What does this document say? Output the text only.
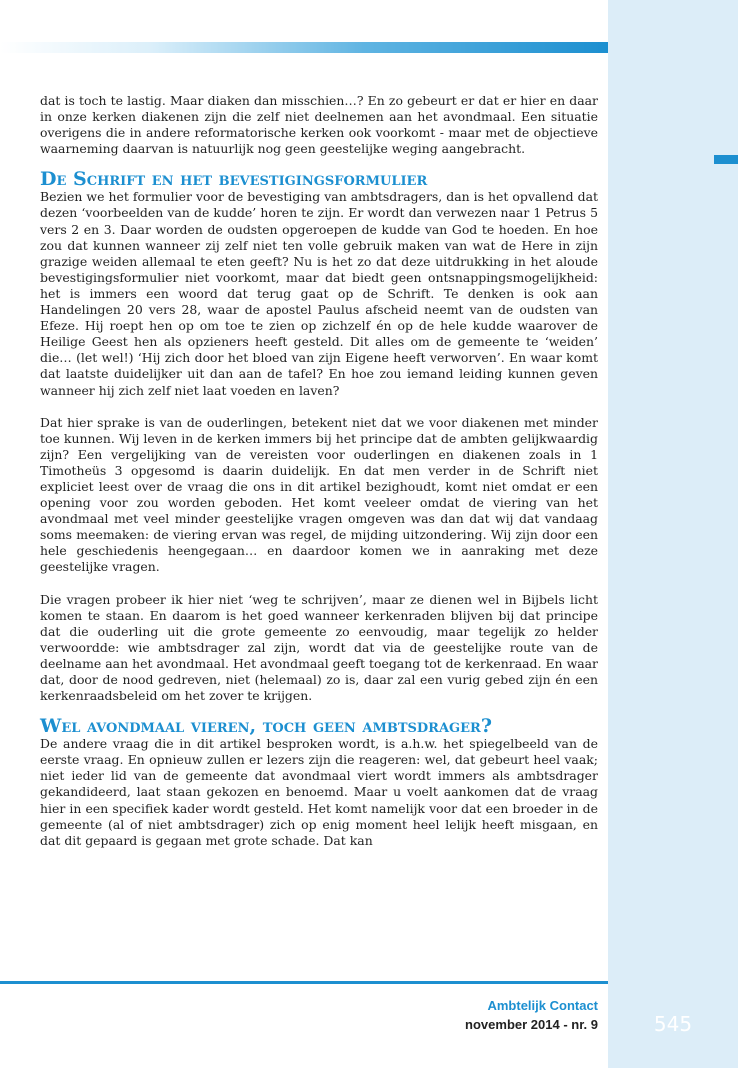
dat is toch te lastig. Maar diaken dan misschien…? En zo gebeurt er dat er hier en daar in onze kerken diakenen zijn die zelf niet deelnemen aan het avondmaal. Een situatie overigens die in andere reformatorische kerken ook voorkomt - maar met de objectieve waarneming daarvan is natuurlijk nog geen geestelijke weging aangebracht.

De Schrift en het bevestigingsformulier

Bezien we het formulier voor de bevestiging van ambtsdragers, dan is het opvallend dat dezen ‘voorbeelden van de kudde’ horen te zijn. Er wordt dan verwezen naar 1 Petrus 5 vers 2 en 3. Daar worden de oudsten opgeroepen de kudde van God te hoeden. En hoe zou dat kunnen wanneer zij zelf niet ten volle gebruik maken van wat de Here in zijn grazige weiden allemaal te eten geeft? Nu is het zo dat deze uitdrukking in het aloude bevestigingsformulier niet voorkomt, maar dat biedt geen ontsnappingsmogelijkheid: het is immers een woord dat terug gaat op de Schrift. Te denken is ook aan Handelingen 20 vers 28, waar de apostel Paulus afscheid neemt van de oudsten van Efeze. Hij roept hen op om toe te zien op zichzelf én op de hele kudde waarover de Heilige Geest hen als opzieners heeft gesteld. Dit alles om de gemeente te ‘weiden’ die… (let wel!) ‘Hij zich door het bloed van zijn Eigene heeft verworven’. En waar komt dat laatste duidelijker uit dan aan de tafel? En hoe zou iemand leiding kunnen geven wanneer hij zich zelf niet laat voeden en laven?

Dat hier sprake is van de ouderlingen, betekent niet dat we voor diakenen met minder toe kunnen. Wij leven in de kerken immers bij het principe dat de ambten gelijkwaardig zijn? Een vergelijking van de vereisten voor ouderlingen en diakenen zoals in 1 Timotheüs 3 opgesomd is daarin duidelijk. En dat men verder in de Schrift niet expliciet leest over de vraag die ons in dit artikel bezighoudt, komt niet omdat er een opening voor zou worden geboden. Het komt veeleer omdat de viering van het avondmaal met veel minder geestelijke vragen omgeven was dan dat wij dat vandaag soms meemaken: de viering ervan was regel, de mijding uitzondering. Wij zijn door een hele geschiedenis heengegaan… en daardoor komen we in aanraking met deze geestelijke vragen.

Die vragen probeer ik hier niet ‘weg te schrijven’, maar ze dienen wel in Bijbels licht komen te staan. En daarom is het goed wanneer kerkenraden blijven bij dat principe dat die ouderling uit die grote gemeente zo eenvoudig, maar tegelijk zo helder verwoordde: wie ambtsdrager zal zijn, wordt dat via de geestelijke route van de deelname aan het avondmaal. Het avondmaal geeft toegang tot de kerkenraad. En waar dat, door de nood gedreven, niet (helemaal) zo is, daar zal een vurig gebed zijn én een kerkenraadsbeleid om het zover te krijgen.

Wel avondmaal vieren, toch geen ambtsdrager?

De andere vraag die in dit artikel besproken wordt, is a.h.w. het spiegelbeeld van de eerste vraag. En opnieuw zullen er lezers zijn die reageren: wel, dat gebeurt heel vaak; niet ieder lid van de gemeente dat avondmaal viert wordt immers als ambtsdrager gekandideerd, laat staan gekozen en benoemd. Maar u voelt aankomen dat de vraag hier in een specifiek kader wordt gesteld. Het komt namelijk voor dat een broeder in de gemeente (al of niet ambtsdrager) zich op enig moment heel lelijk heeft misgaan, en dat dit gepaard is gegaan met grote schade. Dat kan

Ambtelijk Contact
november 2014 - nr. 9	545
